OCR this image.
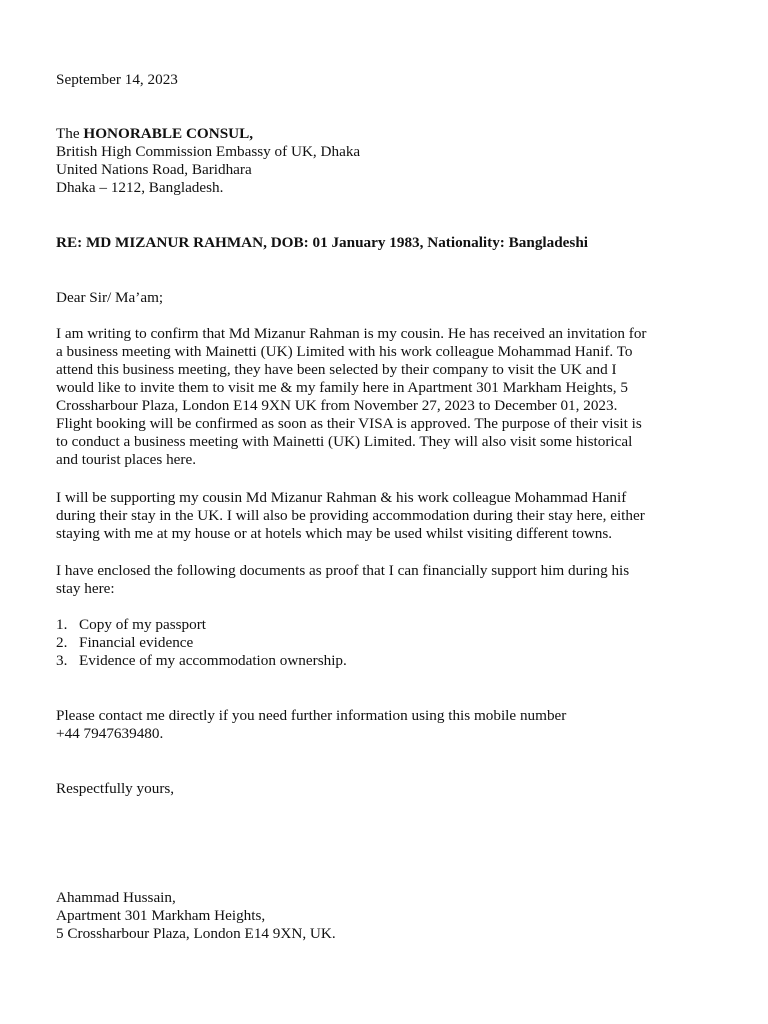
September 14, 2023

The HONORABLE CONSUL,
British High Commission Embassy of UK, Dhaka
United Nations Road, Baridhara
Dhaka – 1212, Bangladesh.

RE: MD MIZANUR RAHMAN, DOB: 01 January 1983, Nationality: Bangladeshi

Dear Sir/ Ma’am;

I am writing to confirm that Md Mizanur Rahman is my cousin. He has received an invitation for
a business meeting with Mainetti (UK) Limited with his work colleague Mohammad Hanif. To
attend this business meeting, they have been selected by their company to visit the UK and I
would like to invite them to visit me & my family here in Apartment 301 Markham Heights, 5
Crossharbour Plaza, London E14 9XN UK from November 27, 2023 to December 01, 2023.
Flight booking will be confirmed as soon as their VISA is approved. The purpose of their visit is
to conduct a business meeting with Mainetti (UK) Limited. They will also visit some historical
and tourist places here.

I will be supporting my cousin Md Mizanur Rahman & his work colleague Mohammad Hanif
during their stay in the UK. I will also be providing accommodation during their stay here, either
staying with me at my house or at hotels which may be used whilst visiting different towns.

I have enclosed the following documents as proof that I can financially support him during his
stay here:

1. Copy of my passport
2. Financial evidence
3. Evidence of my accommodation ownership.

Please contact me directly if you need further information using this mobile number
+44 7947639480.

Respectfully yours,

Ahammad Hussain,
Apartment 301 Markham Heights,
5 Crossharbour Plaza, London E14 9XN, UK.
